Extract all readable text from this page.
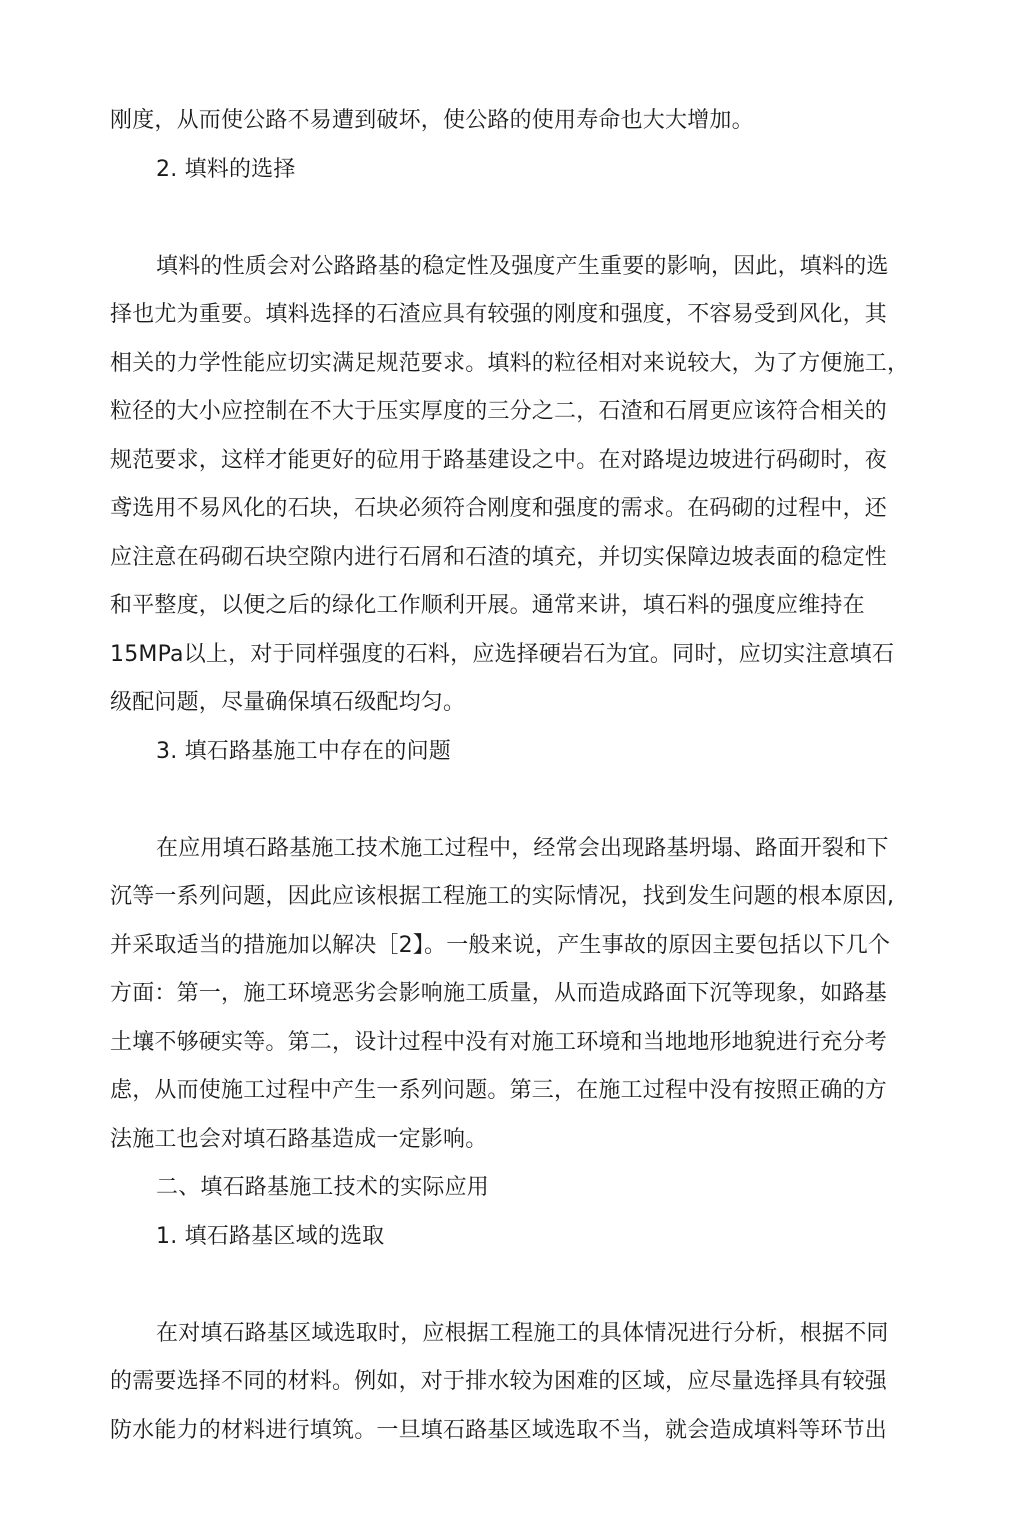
刚度，从而使公路不易遭到破坏，使公路的使用寿命也大大增加。
2. 填料的选择
填料的性质会对公路路基的稳定性及强度产生重要的影响，因此，填料的选
择也尤为重要。填料选择的石渣应具有较强的刚度和强度，不容易受到风化，其
相关的力学性能应切实满足规范要求。填料的粒径相对来说较大，为了方便施工，
粒径的大小应控制在不大于压实厚度的三分之二，石渣和石屑更应该符合相关的
规范要求，这样才能更好的砬用于路基建设之中。在对路堤边坡进行码砌时，夜
鸢选用不易风化的石块，石块必须符合刚度和强度的需求。在码砌的过程中，还
应注意在码砌石块空隙内进行石屑和石渣的填充，并切实保障边坡表面的稳定性
和平整度，以便之后的绿化工作顺利开展。通常来讲，填石料的强度应维持在
15MPa以上，对于同样强度的石料，应选择硬岩石为宜。同时，应切实注意填石
级配问题，尽量确保填石级配均匀。
3. 填石路基施工中存在的问题
在应用填石路基施工技术施工过程中，经常会出现路基坍塌、路面开裂和下
沉等一系列问题，因此应该根据工程施工的实际情况，找到发生问题的根本原因,
并采取适当的措施加以解决［2】。一般来说，产生事故的原因主要包括以下几个
方面：第一，施工环境恶劣会影响施工质量，从而造成路面下沉等现象，如路基
土壤不够硬实等。第二，设计过程中没有对施工环境和当地地形地貌进行充分考
虑，从而使施工过程中产生一系列问题。第三，在施工过程中没有按照正确的方
法施工也会对填石路基造成一定影响。
二、填石路基施工技术的实际应用
1. 填石路基区域的选取
在对填石路基区域选取时，应根据工程施工的具体情况进行分析，根据不同
的需要选择不同的材料。例如，对于排水较为困难的区域，应尽量选择具有较强
防水能力的材料进行填筑。一旦填石路基区域选取不当，就会造成填料等环节出
